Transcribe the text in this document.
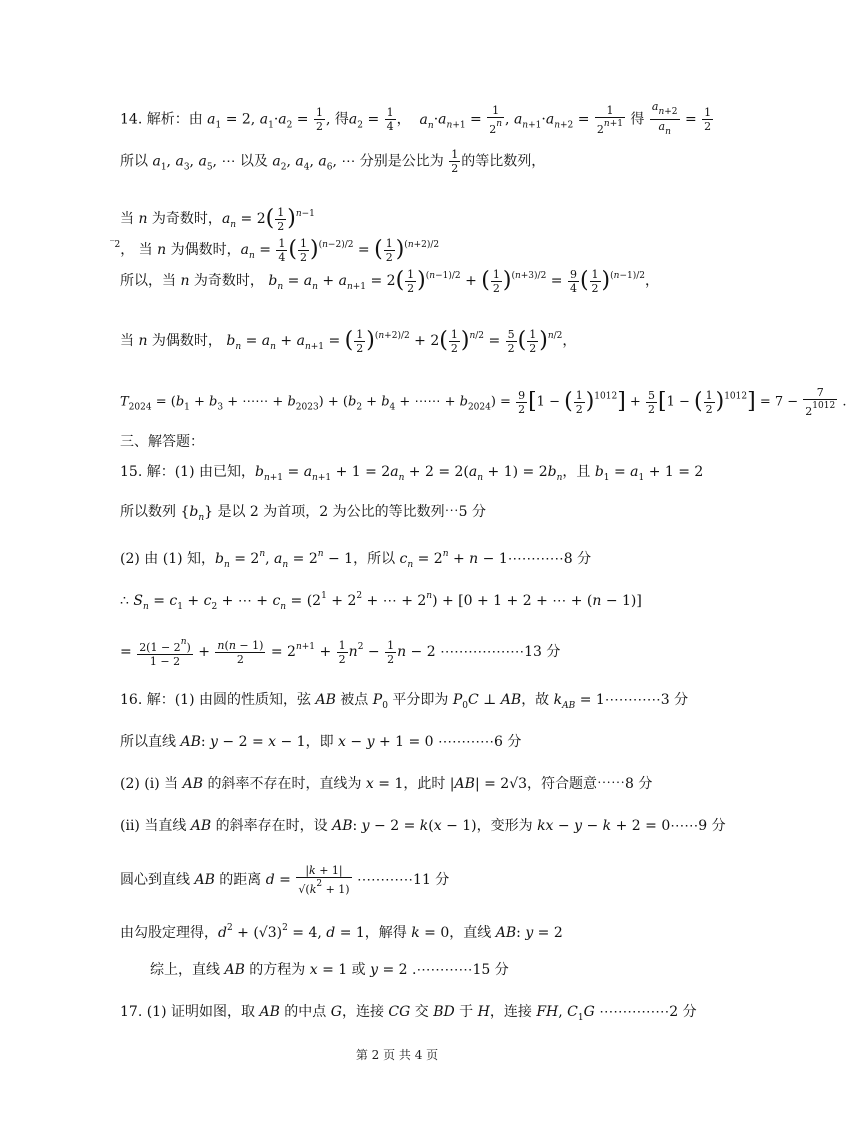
14. 解析：由 $a_1 = 2$, $a_1\cdot a_2 = \frac{1}{2}$ , 得$a_2 = \frac{1}{4}$ ，  $a_n\cdot a_{n+1} = \frac{1}{2^n}$ , $a_{n+1}\cdot a_{n+2} = \frac{1}{2^{n+1}}$ 得 $\frac{a_{n+2}}{a_n} = \frac{1}{2}$
所以 $a_1$, $a_3$, $a_5$, ⋯ 以及 $a_2$, $a_4$, $a_6$, ⋯ 分别是公比为 $\frac{1}{2}$ 的等比数列，
当 n 为奇数时，$a_n = 2( \frac{1}{2} )^{n-1}$
$^{‾2}$， 当 n 为偶数时，$a_n = \frac{1}{4}$ ( $\frac{1}{2} )^{(n-2)/2}$ = ( $\frac{1}{2} )^{(n+2)/2}$
所以，当 n 为奇数时， $b_n = a_n + a_{n+1} = 2( \frac{1}{2} )^{(n-1)/2}$ + ( $\frac{1}{2} )^{(n+3)/2} = \frac{9}{4}$ ( $\frac{1}{2} )^{(n-1)/2}$，
当 n 为偶数时， $b_n = a_n + a_{n+1}$ = ( $\frac{1}{2} )^{(n+2)/2} + 2( \frac{1}{2} )^{n/2} = \frac{5}{2}$ ( $\frac{1}{2} )^{n/2}$，
$T_{2024} = (b_1 + b_3$ + ⋯⋯ + $b_{2023}) + (b_2 + b_4$ + ⋯⋯ + $b_{2024}) = \frac{9}{2} [1$ − ( $\frac{1}{2} )^{1012}] + \frac{5}{2} [1$ − ( $\frac{1}{2} )^{1012}] = 7 - \frac{7}{2^{1012}}$ .
三、解答题：
15. 解：(1) 由已知，$b_{n+1} = a_{n+1} + 1 = 2a_n + 2 = 2(a_n + 1) = 2b_n$，且 $b_1 = a_1 + 1 = 2$
所以数列 $\{b_n\}$ 是以 2 为首项，2 为公比的等比数列⋯5 分
(2) 由 (1) 知，$b_n = 2^n$, $a_n = 2^n - 1$，所以 $c_n = 2^n + n$ − 1⋯⋯⋯⋯8 分
∴ $S_n = c_1 + c_2$ + ⋯ + $c_n = (2^1 + 2^2$ + ⋯ + $2^n) + [0 + 1 + 2$ + ⋯ + (n − 1)]
= $\frac{2(1 - 2^n)}{1 - 2} + \frac{n(n - 1)}{2} = 2^{n+1} + \frac{1}{2} n^2 - \frac{1}{2}$ n − 2 ⋯⋯⋯⋯⋯⋯13 分
16. 解：(1) 由圆的性质知，弦 AB 被点 $P_0$ 平分即为 $P_0C$ ⊥ AB，故 $k_{AB}$ = 1⋯⋯⋯⋯3 分
所以直线 AB: y − 2 = x − 1，即 x − y + 1 = 0 ⋯⋯⋯⋯6 分
(2) (ⅰ) 当 AB 的斜率不存在时，直线为 x = 1，此时 |AB| = 2√3，符合题意⋯⋯8 分
(ⅱ) 当直线 AB 的斜率存在时，设 AB: y − 2 = k(x − 1)，变形为 kx − y − k + 2 = 0⋯⋯9 分
圆心到直线 AB 的距离 $d = \frac{|k + 1|}{√(k^2 + 1)}$ ⋯⋯⋯⋯11 分
由勾股定理得，$d^2 + (√3)^2 = 4$, d = 1，解得 k = 0，直线 AB: y = 2
综上，直线 AB 的方程为 x = 1 或 y = 2 .⋯⋯⋯⋯15 分
17. (1) 证明如图，取 AB 的中点 G，连接 CG 交 BD 于 H，连接 FH, $C_1G$ ⋯⋯⋯⋯⋯2 分
第 2 页 共 4 页
